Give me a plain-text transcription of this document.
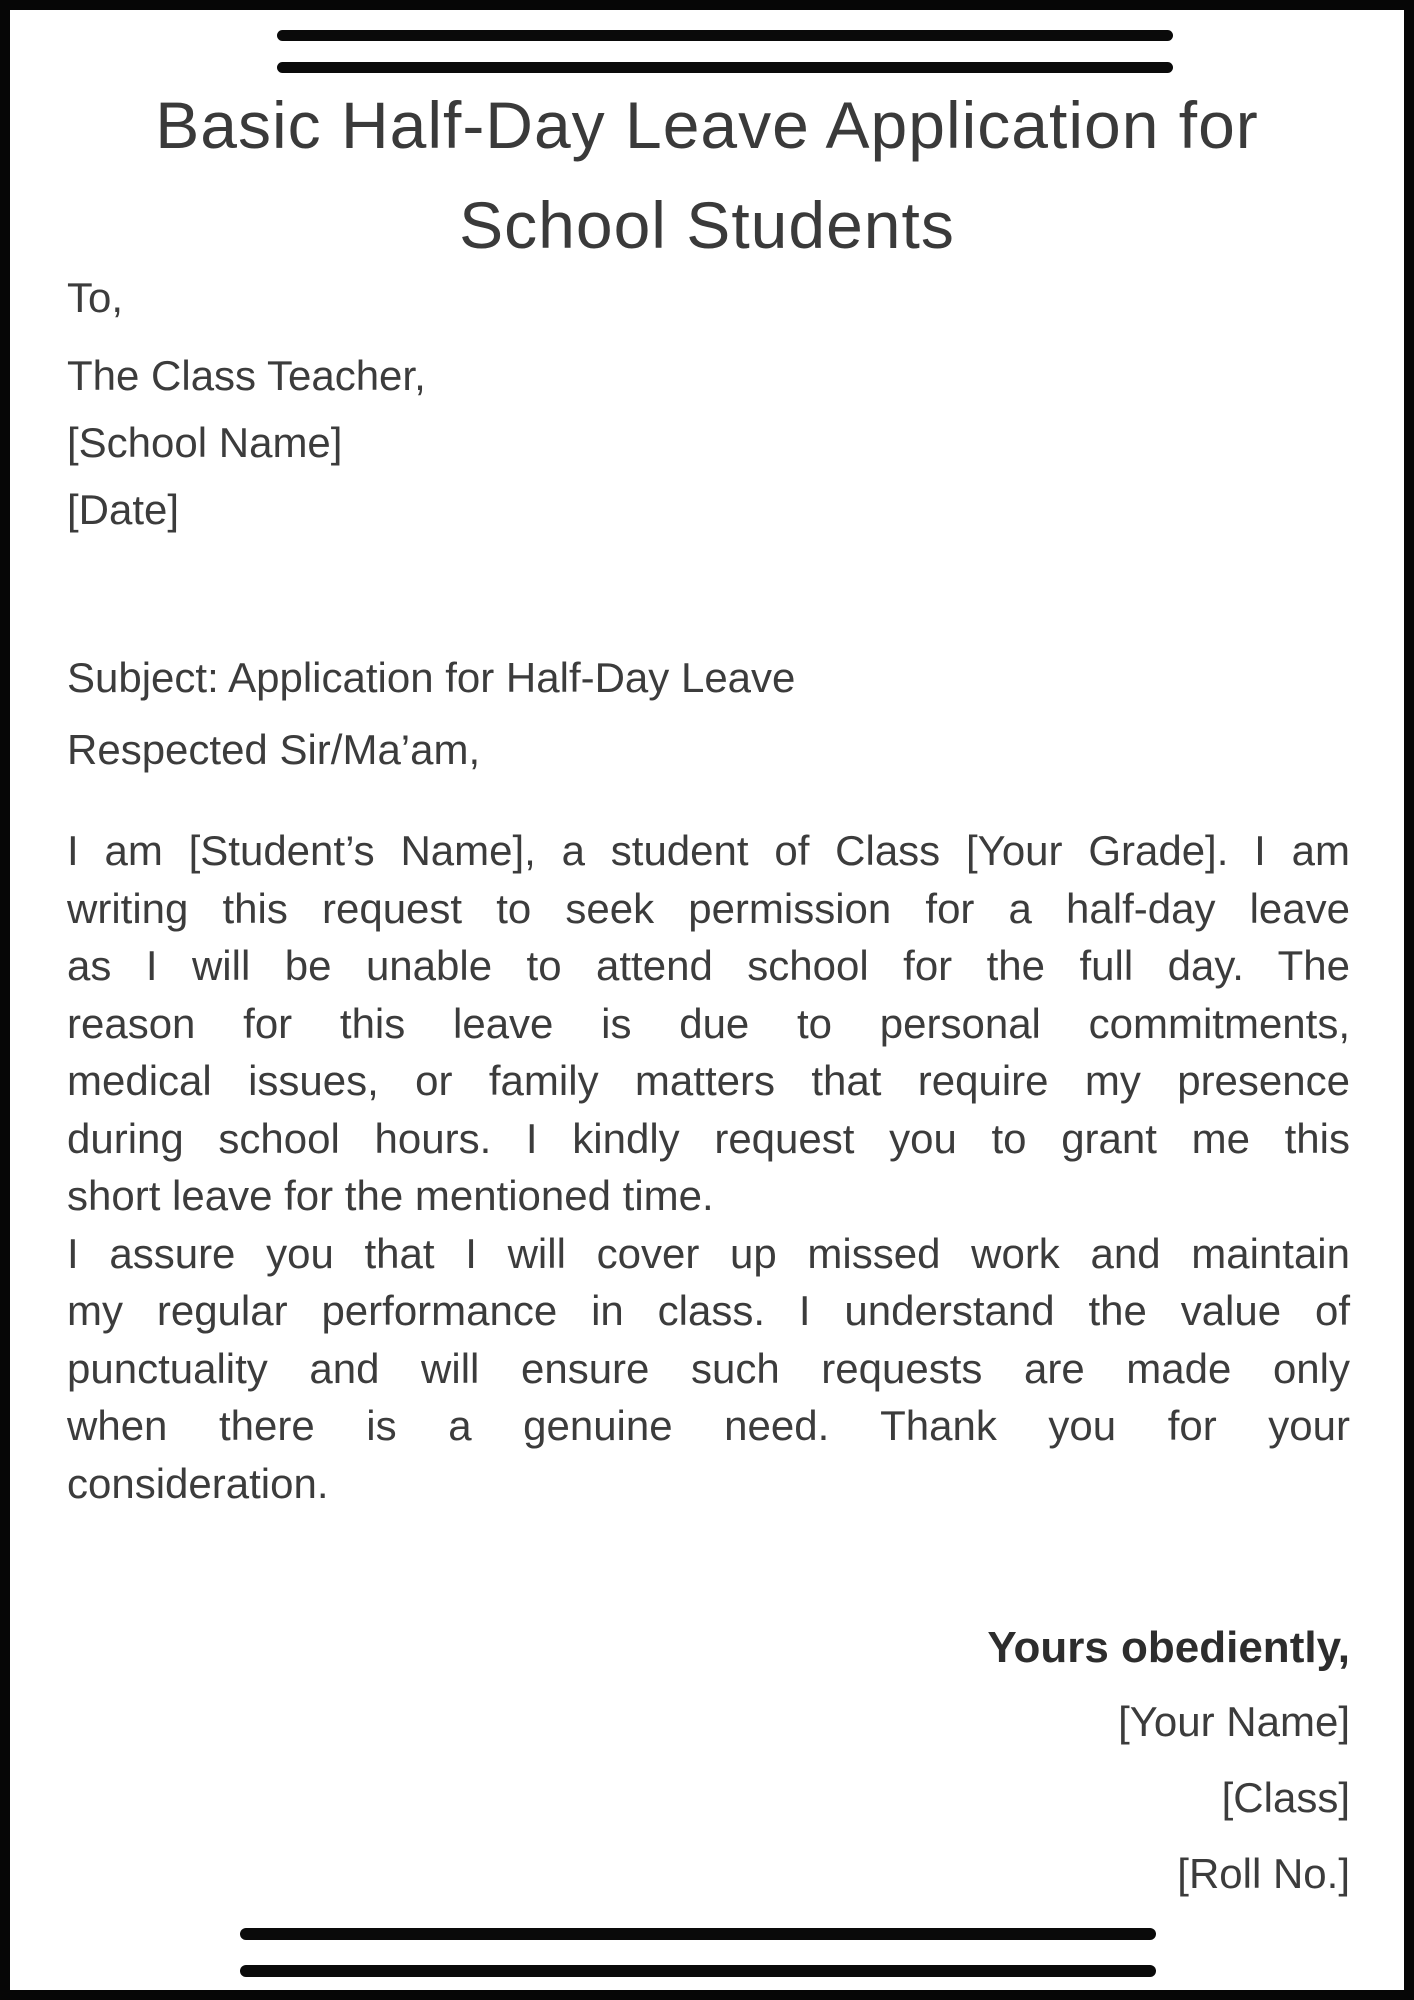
Basic Half-Day Leave Application for
School Students
To,
The Class Teacher,
[School Name]
[Date]
Subject: Application for Half-Day Leave
Respected Sir/Ma’am,
I am [Student’s Name], a student of Class [Your Grade]. I am
writing this request to seek permission for a half-day leave
as I will be unable to attend school for the full day. The
reason for this leave is due to personal commitments,
medical issues, or family matters that require my presence
during school hours. I kindly request you to grant me this
short leave for the mentioned time.
I assure you that I will cover up missed work and maintain
my regular performance in class. I understand the value of
punctuality and will ensure such requests are made only
when there is a genuine need. Thank you for your
consideration.
Yours obediently,
[Your Name]
[Class]
[Roll No.]
